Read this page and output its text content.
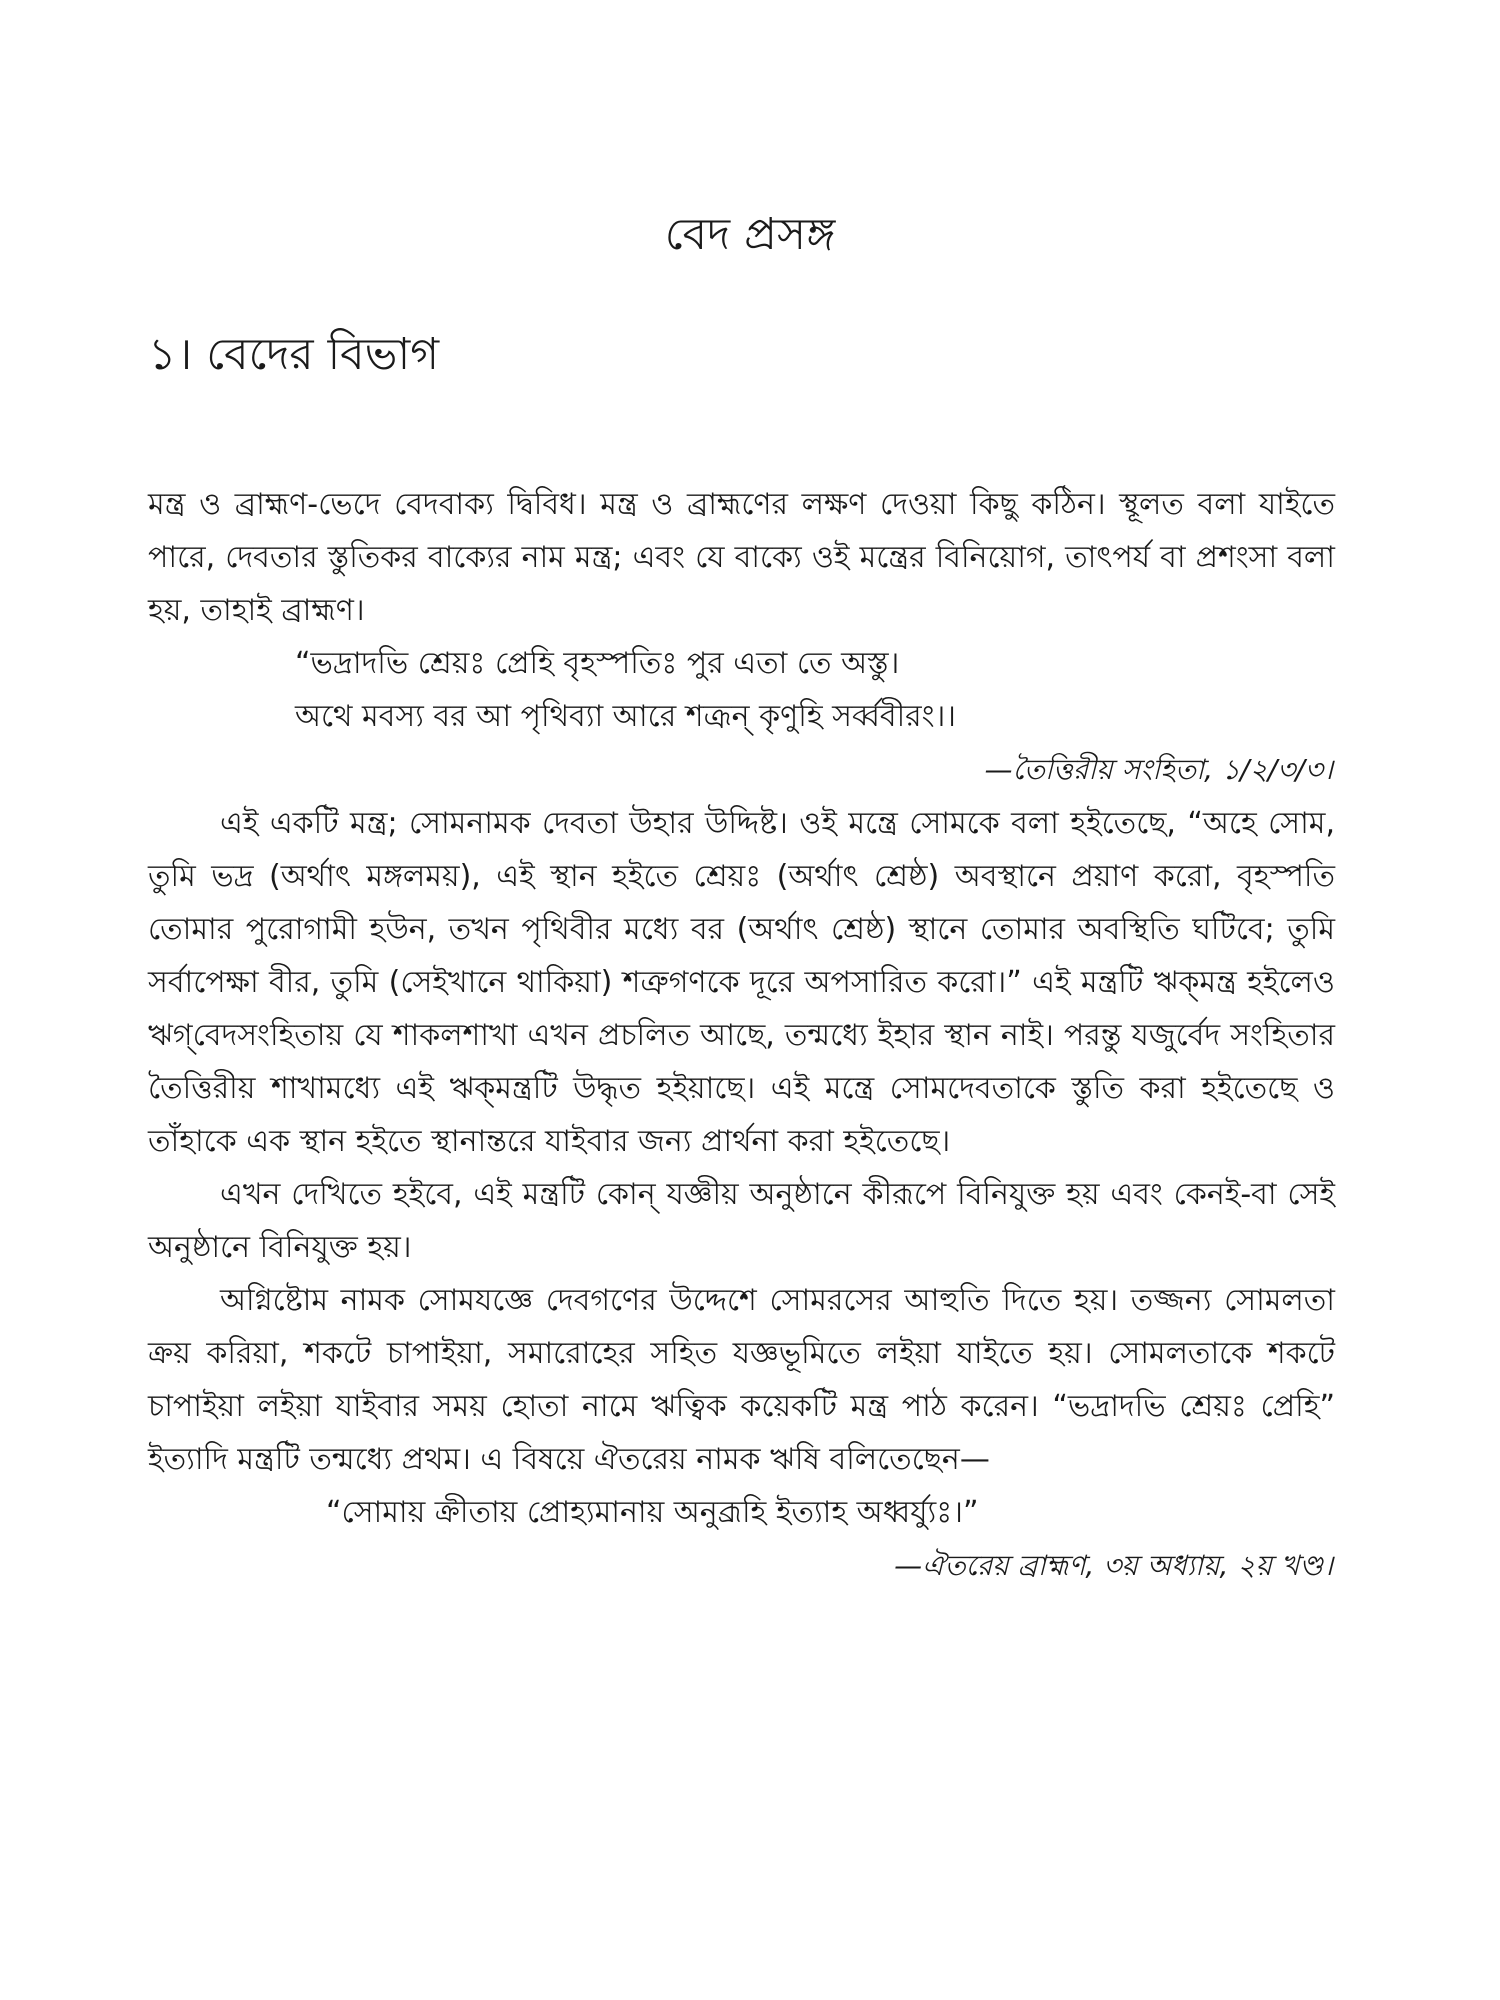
বেদ প্রসঙ্গ
১। বেদের বিভাগ

মন্ত্র ও ব্রাহ্মণ-ভেদে বেদবাক্য দ্বিবিধ। মন্ত্র ও ব্রাহ্মণের লক্ষণ দেওয়া কিছু কঠিন। স্থূলত বলা যাইতে পারে, দেবতার স্তুতিকর বাক্যের নাম মন্ত্র; এবং যে বাক্যে ওই মন্ত্রের বিনিয়োগ, তাৎপর্য বা প্রশংসা বলা হয়, তাহাই ব্রাহ্মণ।

“ভদ্রাদভি শ্রেয়ঃ প্রেহি বৃহস্পতিঃ পুর এতা তে অস্তু।
অথে মবস্য বর আ পৃথিব্যা আরে শত্রূন্ কৃণুহি সর্ব্ববীরং।।

—তৈত্তিরীয় সংহিতা, ১/২/৩/৩।

এই একটি মন্ত্র; সোমনামক দেবতা উহার উদ্দিষ্ট। ওই মন্ত্রে সোমকে বলা হইতেছে, “অহে সোম, তুমি ভদ্র (অর্থাৎ মঙ্গলময়), এই স্থান হইতে শ্রেয়ঃ (অর্থাৎ শ্রেষ্ঠ) অবস্থানে প্রয়াণ করো, বৃহস্পতি তোমার পুরোগামী হউন, তখন পৃথিবীর মধ্যে বর (অর্থাৎ শ্রেষ্ঠ) স্থানে তোমার অবস্থিতি ঘটিবে; তুমি সর্বাপেক্ষা বীর, তুমি (সেইখানে থাকিয়া) শত্রুগণকে দূরে অপসারিত করো।” এই মন্ত্রটি ঋক্‌মন্ত্র হইলেও ঋগ্‌বেদসংহিতায় যে শাকলশাখা এখন প্রচলিত আছে, তন্মধ্যে ইহার স্থান নাই। পরন্তু যজুর্বেদ সংহিতার তৈত্তিরীয় শাখামধ্যে এই ঋক্‌মন্ত্রটি উদ্ধৃত হইয়াছে। এই মন্ত্রে সোমদেবতাকে স্তুতি করা হইতেছে ও তাঁহাকে এক স্থান হইতে স্থানান্তরে যাইবার জন্য প্রার্থনা করা হইতেছে।

এখন দেখিতে হইবে, এই মন্ত্রটি কোন্ যজ্ঞীয় অনুষ্ঠানে কীরূপে বিনিযুক্ত হয় এবং কেনই-বা সেই অনুষ্ঠানে বিনিযুক্ত হয়।

অগ্নিষ্টোম নামক সোমযজ্ঞে দেবগণের উদ্দেশে সোমরসের আহুতি দিতে হয়। তজ্জন্য সোমলতা ক্রয় করিয়া, শকটে চাপাইয়া, সমারোহের সহিত যজ্ঞভূমিতে লইয়া যাইতে হয়। সোমলতাকে শকটে চাপাইয়া লইয়া যাইবার সময় হোতা নামে ঋত্বিক কয়েকটি মন্ত্র পাঠ করেন। “ভদ্রাদভি শ্রেয়ঃ প্রেহি” ইত্যাদি মন্ত্রটি তন্মধ্যে প্রথম। এ বিষয়ে ঐতরেয় নামক ঋষি বলিতেছেন—

“সোমায় ক্রীতায় প্রোহ্যমানায় অনুব্রূহি ইত্যাহ অধ্বর্য্যুঃ।”

—ঐতরেয় ব্রাহ্মণ, ৩য় অধ্যায়, ২য় খণ্ড।
